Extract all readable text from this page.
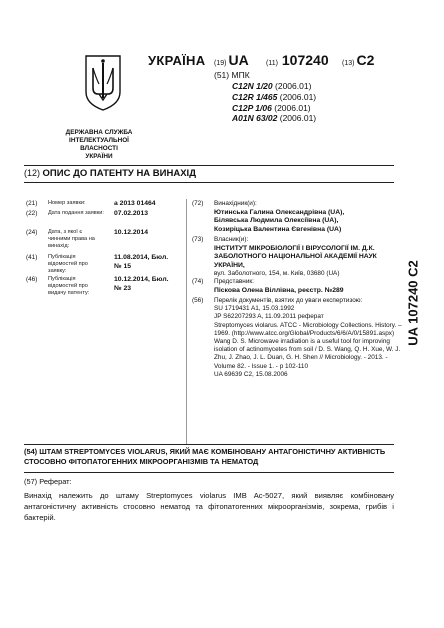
ДЕРЖАВНА СЛУЖБА
ІНТЕЛЕКТУАЛЬНОЇ
ВЛАСНОСТІ
УКРАЇНИ
УКРАЇНА (19) UA (11) 107240 (13) C2
(51) МПК
C12N 1/20 (2006.01)
C12R 1/465 (2006.01)
C12P 1/06 (2006.01)
A01N 63/02 (2006.01)
(12) ОПИС ДО ПАТЕНТУ НА ВИНАХІД
(21) Номер заявки:	a 2013 01464
(22) Дата подання заявки:	07.02.2013
(24) Дата, з якої є чинними права на винахід:
10.12.2014
(41) Публікація відомостей про заявку:
11.08.2014, Бюл.№ 15
(46) Публікація відомостей про видачу патенту:
10.12.2014, Бюл.№ 23
(72) Винахідник(и):
Ютинська Галина Олександрівна (UA),
Білявська Людмила Олексіївна (UA),
Козиріцька Валентина Євгенівна (UA)
(73) Власник(и):
ІНСТИТУТ МІКРОБІОЛОГІЇ І ВІРУСОЛОГІЇ ІМ. Д.К. ЗАБОЛОТНОГО НАЦІОНАЛЬНОЇ АКАДЕМІЇ НАУК УКРАЇНИ,
вул. Заболотного, 154, м. Київ, 03680 (UA)
(74) Представник:
Піскова Олена Віллівна, реєстр. №289
(56) Перелік документів, взятих до уваги експертизою:
SU 1719431 A1, 15.03.1992
JP S62207293 A, 11.09.2011 реферат
Streptomyces violarus. ATCC - Microbiology Collections. History. – 1969. (http://www.atcc.org/Global/Products/6/6/A/0/15891.aspx)
Wang D. S. Microwave irradiation is a useful tool for improving isolation of actinomycetes from soil / D. S. Wang, Q. H. Xue, W. J. Zhu, J. Zhao, J. L. Duan, G. H. Shen // Microbiology. - 2013. - Volume 82. - Issue 1. - p 102-110
UA 69639 C2, 15.08.2006
UA 107240 C2
(54) ШТАМ STREPTOMYCES VIOLARUS, ЯКИЙ МАЄ КОМБІНОВАНУ АНТАГОНІСТИЧНУ АКТИВНІСТЬ СТОСОВНО ФІТОПАТОГЕННИХ МІКРООРГАНІЗМІВ ТА НЕМАТОД
(57) Реферат:
Винахід належить до штаму Streptomyces violarus IMB Ac-5027, який виявляє комбіновану антагоністичну активність стосовно нематод та фітопатогенних мікроорганізмів, зокрема, грибів і бактерій.
